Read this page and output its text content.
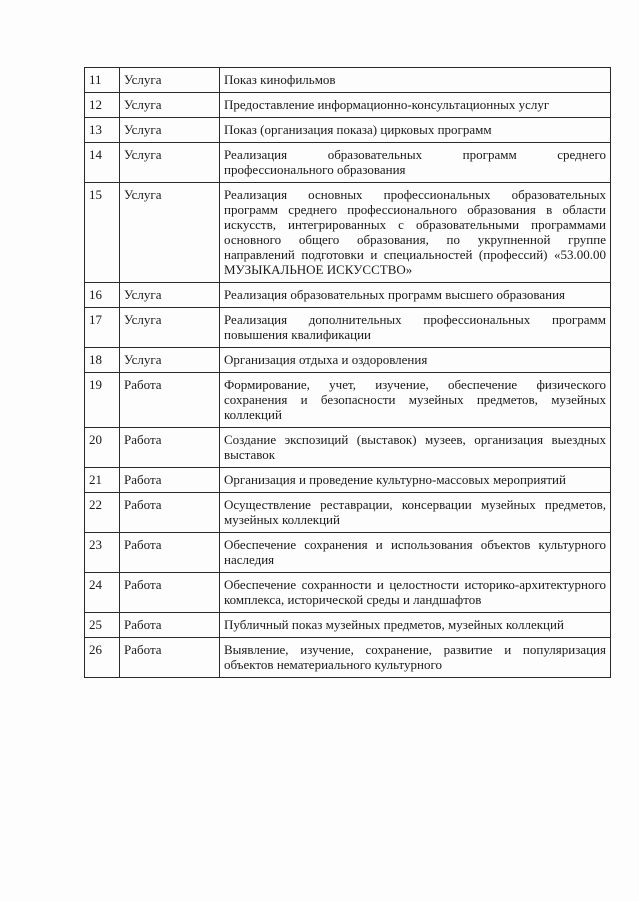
11	Услуга	Показ кинофильмов
12	Услуга	Предоставление информационно-консультационных услуг
13	Услуга	Показ (организация показа) цирковых программ
14	Услуга	Реализация образовательных программ среднего профессионального образования
15	Услуга	Реализация основных профессиональных образовательных программ среднего профессионального образования в области искусств, интегрированных с образовательными программами основного общего образования, по укрупненной группе направлений подготовки и специальностей (профессий) «53.00.00 МУЗЫКАЛЬНОЕ ИСКУССТВО»
16	Услуга	Реализация образовательных программ высшего образования
17	Услуга	Реализация дополнительных профессиональных программ повышения квалификации
18	Услуга	Организация отдыха и оздоровления
19	Работа	Формирование, учет, изучение, обеспечение физического сохранения и безопасности музейных предметов, музейных коллекций
20	Работа	Создание экспозиций (выставок) музеев, организация выездных выставок
21	Работа	Организация и проведение культурно-массовых мероприятий
22	Работа	Осуществление реставрации, консервации музейных предметов, музейных коллекций
23	Работа	Обеспечение сохранения и использования объектов культурного наследия
24	Работа	Обеспечение сохранности и целостности историко-архитектурного комплекса, исторической среды и ландшафтов
25	Работа	Публичный показ музейных предметов, музейных коллекций
26	Работа	Выявление, изучение, сохранение, развитие и популяризация объектов нематериального культурного
